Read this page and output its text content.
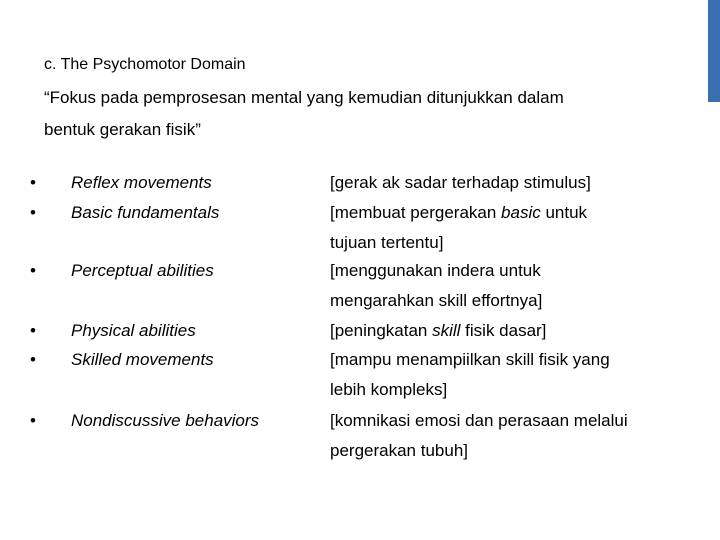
c. The Psychomotor Domain
“Fokus pada pemprosesan mental yang kemudian ditunjukkan dalam
bentuk gerakan fisik”
• Reflex movements	[gerak ak sadar terhadap stimulus]
• Basic fundamentals	[membuat pergerakan basic untuk
tujuan tertentu]
• Perceptual abilities	[menggunakan indera untuk
mengarahkan skill effortnya]
• Physical abilities	[peningkatan skill fisik dasar]
• Skilled movements	[mampu menampiilkan skill fisik yang
lebih kompleks]
• Nondiscussive behaviors	[komnikasi emosi dan perasaan melalui
pergerakan tubuh]
